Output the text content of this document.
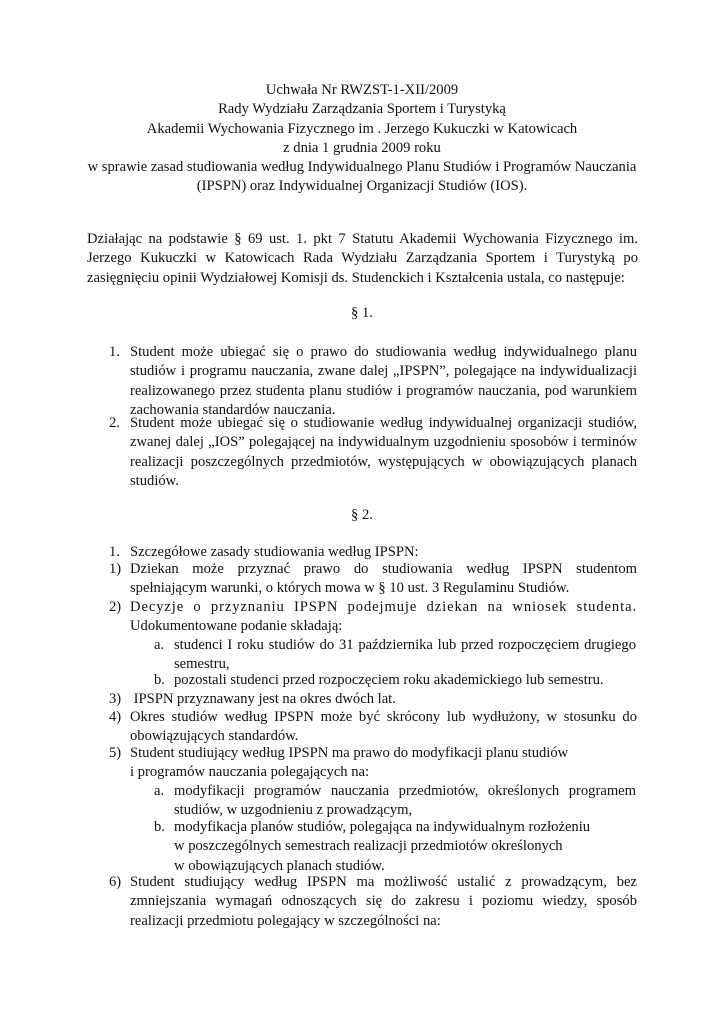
Uchwała Nr RWZST-1-XII/2009
Rady Wydziału Zarządzania Sportem i Turystyką
Akademii Wychowania Fizycznego im . Jerzego Kukuczki w Katowicach
z dnia 1 grudnia 2009 roku
w sprawie zasad studiowania według Indywidualnego Planu Studiów i Programów Nauczania
(IPSPN) oraz Indywidualnej Organizacji Studiów (IOS).
Działając na podstawie § 69 ust. 1. pkt 7 Statutu Akademii Wychowania Fizycznego im.
Jerzego Kukuczki w Katowicach Rada Wydziału Zarządzania Sportem i Turystyką po
zasięgnięciu opinii Wydziałowej Komisji ds. Studenckich i Kształcenia ustala, co następuje:
§ 1.
1. Student może ubiegać się o prawo do studiowania według indywidualnego planu
studiów i programu nauczania, zwane dalej „IPSPN”, polegające na indywidualizacji
realizowanego przez studenta planu studiów i programów nauczania, pod warunkiem
zachowania standardów nauczania.
2. Student może ubiegać się o studiowanie według indywidualnej organizacji studiów,
zwanej dalej „IOS” polegającej na indywidualnym uzgodnieniu sposobów i terminów
realizacji poszczególnych przedmiotów, występujących w obowiązujących planach
studiów.
§ 2.
1. Szczegółowe zasady studiowania według IPSPN:
1) Dziekan może przyznać prawo do studiowania według IPSPN studentom
spełniającym warunki, o których mowa w § 10 ust. 3 Regulaminu Studiów.
2) Decyzje o przyznaniu IPSPN podejmuje dziekan na wniosek studenta.
Udokumentowane podanie składają:
a. studenci I roku studiów do 31 października lub przed rozpoczęciem drugiego
semestru,
b. pozostali studenci przed rozpoczęciem roku akademickiego lub semestru.
3) IPSPN przyznawany jest na okres dwóch lat.
4) Okres studiów według IPSPN może być skrócony lub wydłużony, w stosunku do
obowiązujących standardów.
5) Student studiujący według IPSPN ma prawo do modyfikacji planu studiów
i programów nauczania polegających na:
a. modyfikacji programów nauczania przedmiotów, określonych programem
studiów, w uzgodnieniu z prowadzącym,
b. modyfikacja planów studiów, polegająca na indywidualnym rozłożeniu
w poszczególnych semestrach realizacji przedmiotów określonych
w obowiązujących planach studiów.
6) Student studiujący według IPSPN ma możliwość ustalić z prowadzącym, bez
zmniejszania wymagań odnoszących się do zakresu i poziomu wiedzy, sposób
realizacji przedmiotu polegający w szczególności na:
